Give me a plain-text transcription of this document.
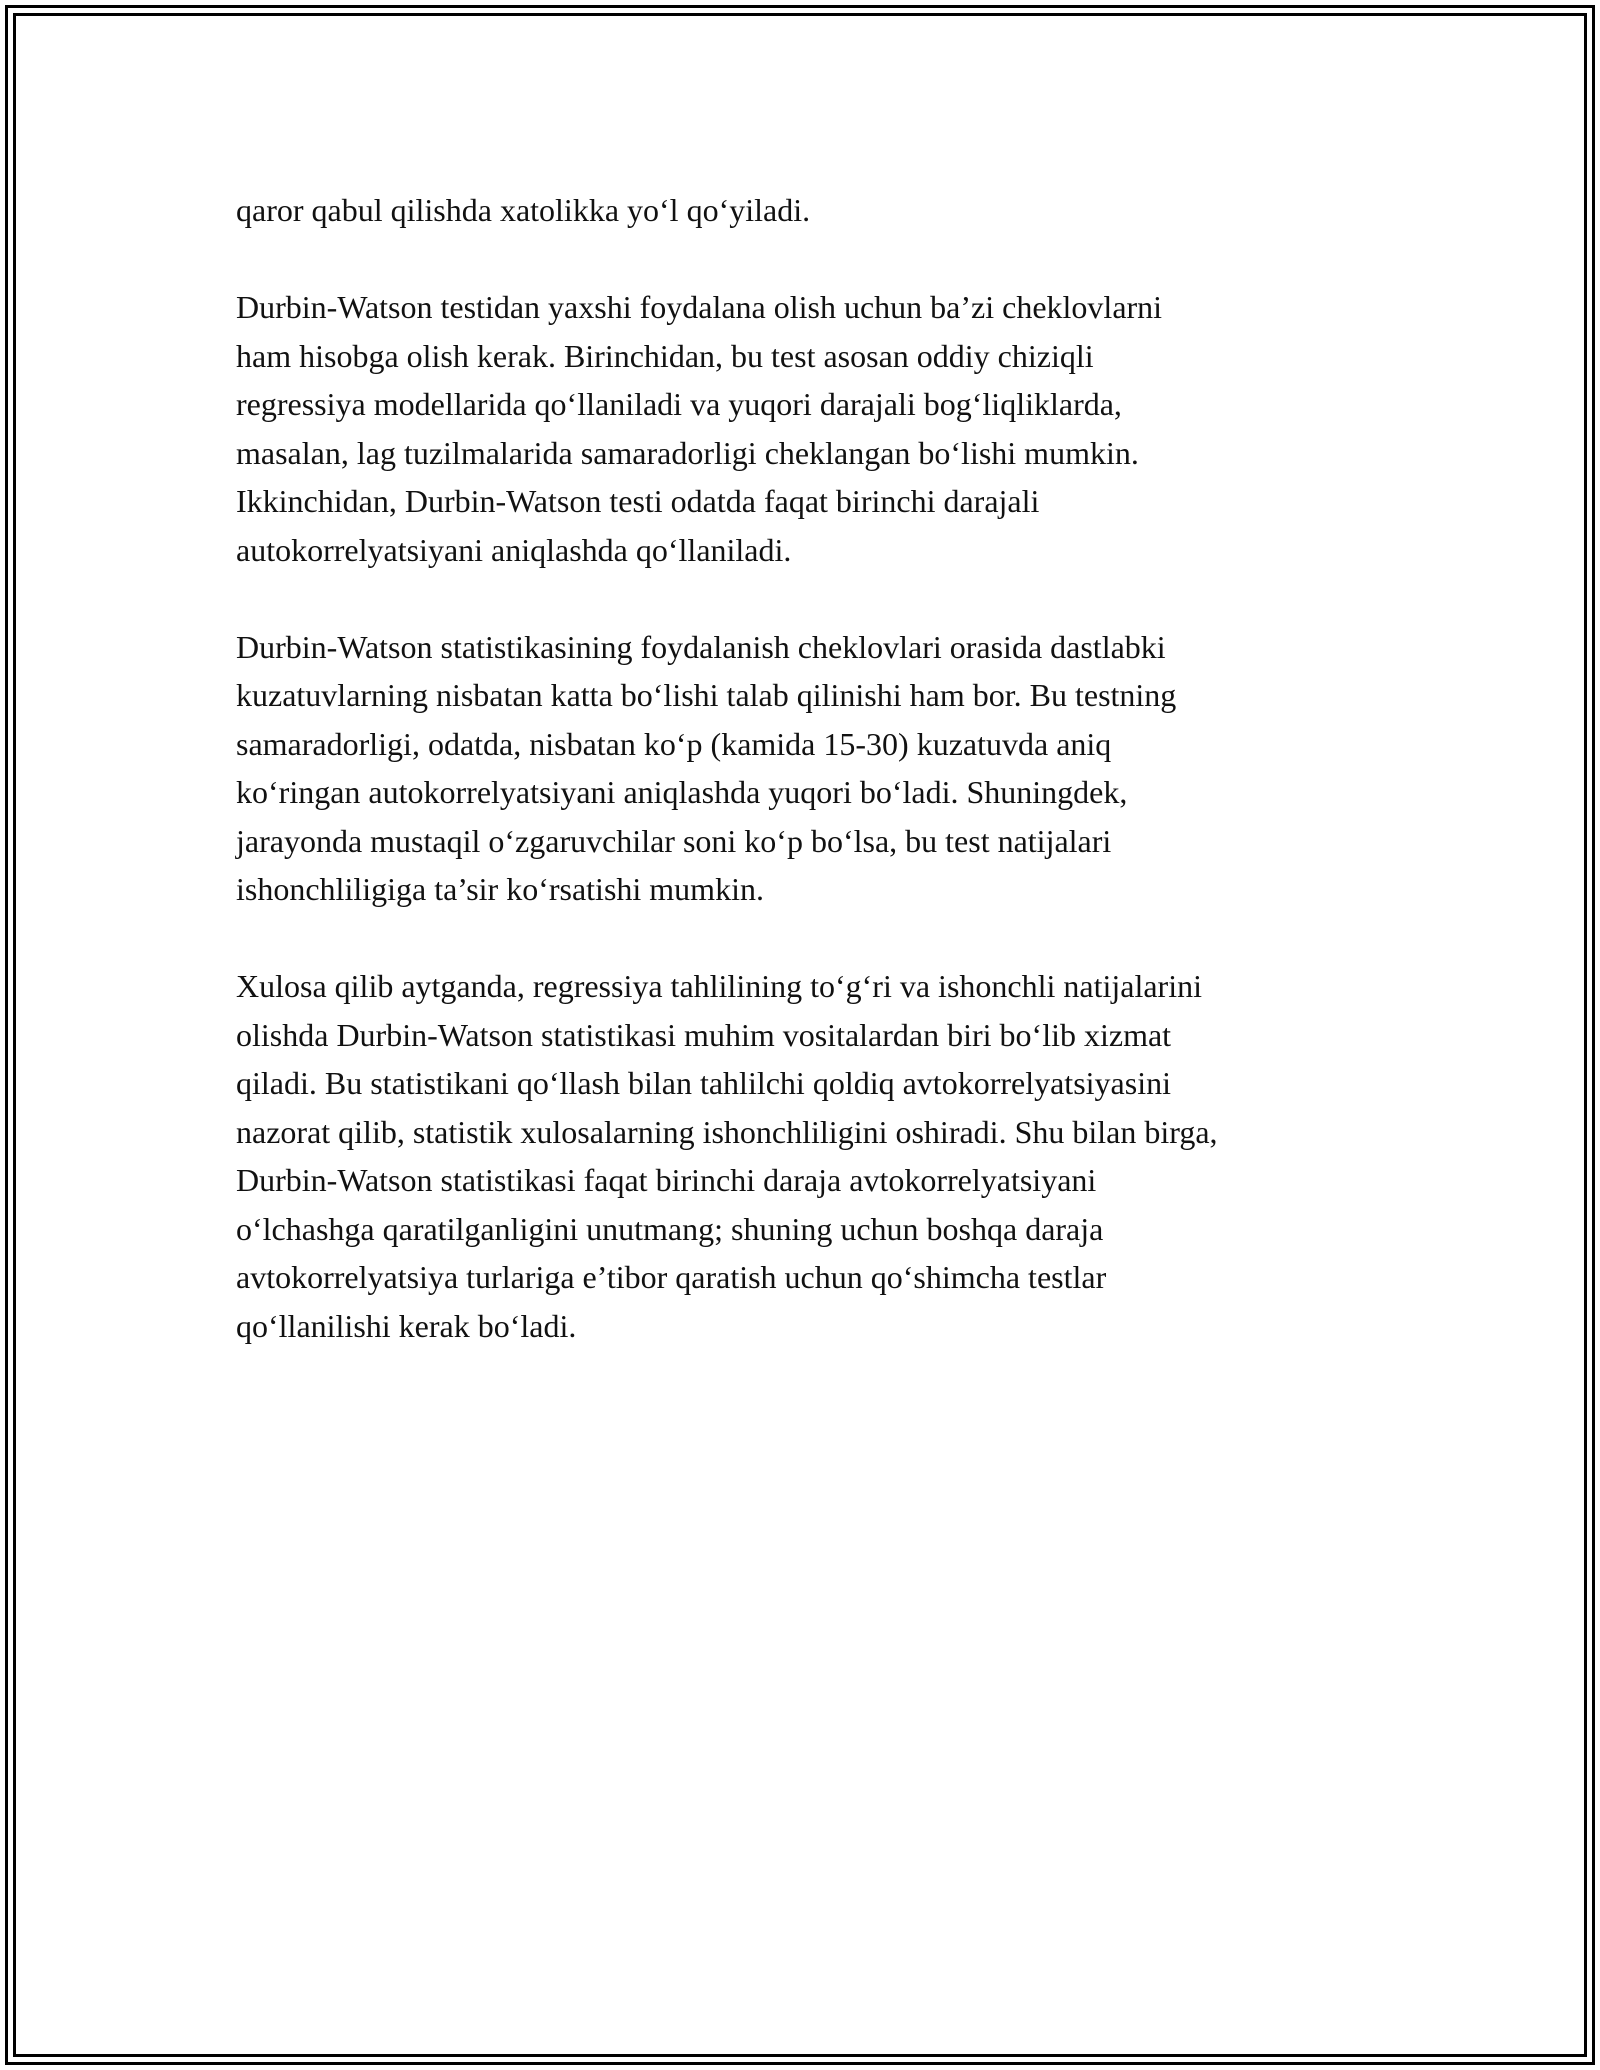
qaror qabul qilishda xatolikka yo‘l qo‘yiladi.

Durbin-Watson testidan yaxshi foydalana olish uchun ba’zi cheklovlarni
ham hisobga olish kerak. Birinchidan, bu test asosan oddiy chiziqli
regressiya modellarida qo‘llaniladi va yuqori darajali bog‘liqliklarda,
masalan, lag tuzilmalarida samaradorligi cheklangan bo‘lishi mumkin.
Ikkinchidan, Durbin-Watson testi odatda faqat birinchi darajali
autokorrelyatsiyani aniqlashda qo‘llaniladi.

Durbin-Watson statistikasining foydalanish cheklovlari orasida dastlabki
kuzatuvlarning nisbatan katta bo‘lishi talab qilinishi ham bor. Bu testning
samaradorligi, odatda, nisbatan ko‘p (kamida 15-30) kuzatuvda aniq
ko‘ringan autokorrelyatsiyani aniqlashda yuqori bo‘ladi. Shuningdek,
jarayonda mustaqil o‘zgaruvchilar soni ko‘p bo‘lsa, bu test natijalari
ishonchliligiga ta’sir ko‘rsatishi mumkin.

Xulosa qilib aytganda, regressiya tahlilining to‘g‘ri va ishonchli natijalarini
olishda Durbin-Watson statistikasi muhim vositalardan biri bo‘lib xizmat
qiladi. Bu statistikani qo‘llash bilan tahlilchi qoldiq avtokorrelyatsiyasini
nazorat qilib, statistik xulosalarning ishonchliligini oshiradi. Shu bilan birga,
Durbin-Watson statistikasi faqat birinchi daraja avtokorrelyatsiyani
o‘lchashga qaratilganligini unutmang; shuning uchun boshqa daraja
avtokorrelyatsiya turlariga e’tibor qaratish uchun qo‘shimcha testlar
qo‘llanilishi kerak bo‘ladi.
